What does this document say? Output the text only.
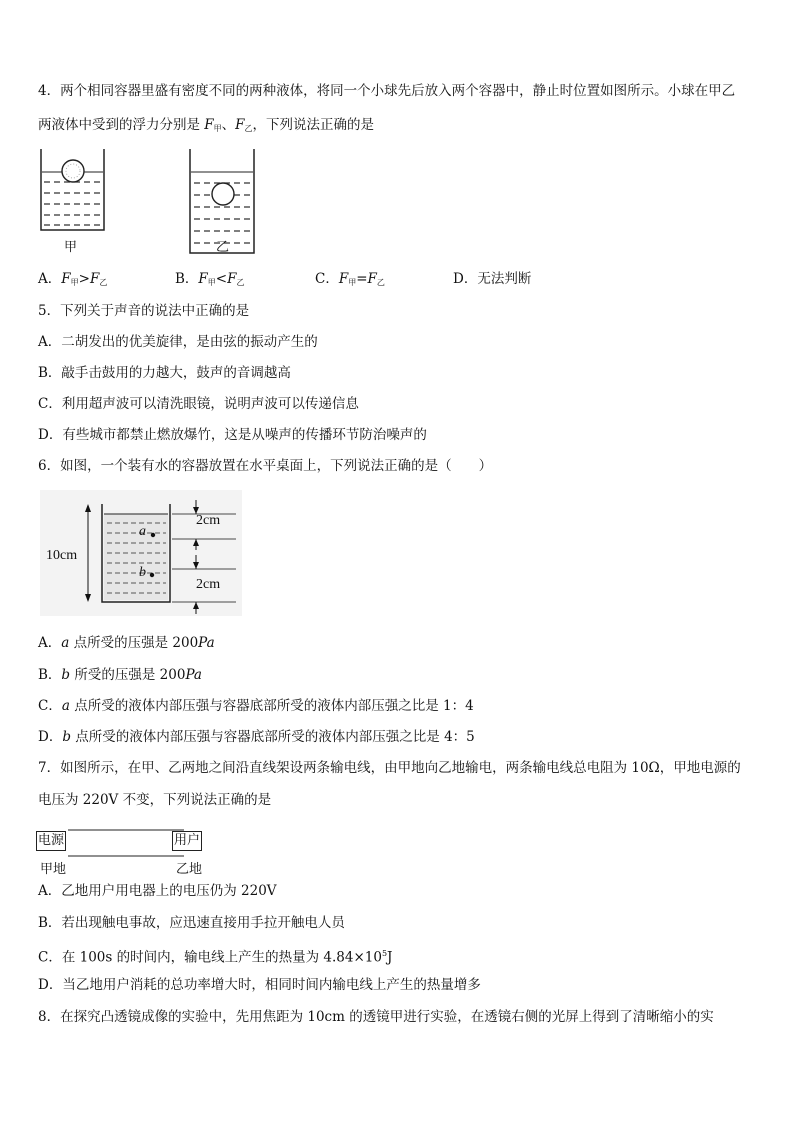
4．两个相同容器里盛有密度不同的两种液体，将同一个小球先后放入两个容器中，静止时位置如图所示。小球在甲乙
两液体中受到的浮力分别是 $F_甲$、$F_乙$，下列说法正确的是
甲	乙
A．$F_甲>F_乙$	B．$F_甲<F_乙$	C．$F_甲=F_乙$	D．无法判断
5．下列关于声音的说法中正确的是
A．二胡发出的优美旋律，是由弦的振动产生的
B．敲手击鼓用的力越大，鼓声的音调越高
C．利用超声波可以清洗眼镜，说明声波可以传递信息
D．有些城市都禁止燃放爆竹，这是从噪声的传播环节防治噪声的
6．如图，一个装有水的容器放置在水平桌面上，下列说法正确的是（　　）
10cm
2cm
2cm
a
b
A．a 点所受的压强是 200Pa
B．b 所受的压强是 200Pa
C．a 点所受的液体内部压强与容器底部所受的液体内部压强之比是 1：4
D．b 点所受的液体内部压强与容器底部所受的液体内部压强之比是 4：5
7．如图所示，在甲、乙两地之间沿直线架设两条输电线，由甲地向乙地输电，两条输电线总电阻为 10Ω，甲地电源的
电压为 220V 不变，下列说法正确的是
电源	用户
甲地	乙地
A．乙地用户用电器上的电压仍为 220V
B．若出现触电事故，应迅速直接用手拉开触电人员
C．在 100s 的时间内，输电线上产生的热量为 $4.84\times 10^5J$
D．当乙地用户消耗的总功率增大时，相同时间内输电线上产生的热量增多
8．在探究凸透镜成像的实验中，先用焦距为 10cm 的透镜甲进行实验，在透镜右侧的光屏上得到了清晰缩小的实
